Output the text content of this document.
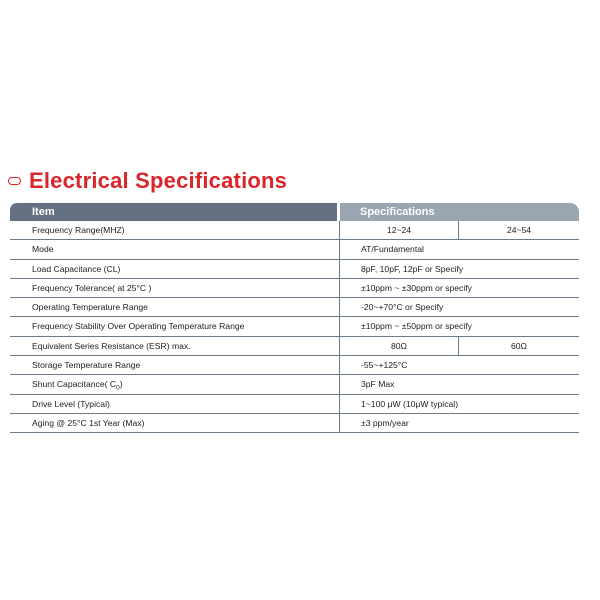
Electrical Specifications
Item	Specifications
Frequency Range(MHZ)	12~24	24~54
Mode	AT/Fundamental
Load Capacitance (CL)	8pF, 10pF, 12pF or Specify
Frequency Tolerance( at 25°C )	±10ppm ~ ±30ppm or specify
Operating Temperature Range	-20~+70°C or Specify
Frequency Stability Over Operating Temperature Range	±10ppm ~ ±50ppm or specify
Equivalent Series Resistance (ESR) max.	80Ω	60Ω
Storage Temperature Range	-55~+125°C
Shunt Capacitance( $C_0$)	3pF Max
Drive Level (Typical)	1~100 μW (10μW typical)
Aging @ 25°C 1st Year (Max)	±3 ppm/year
